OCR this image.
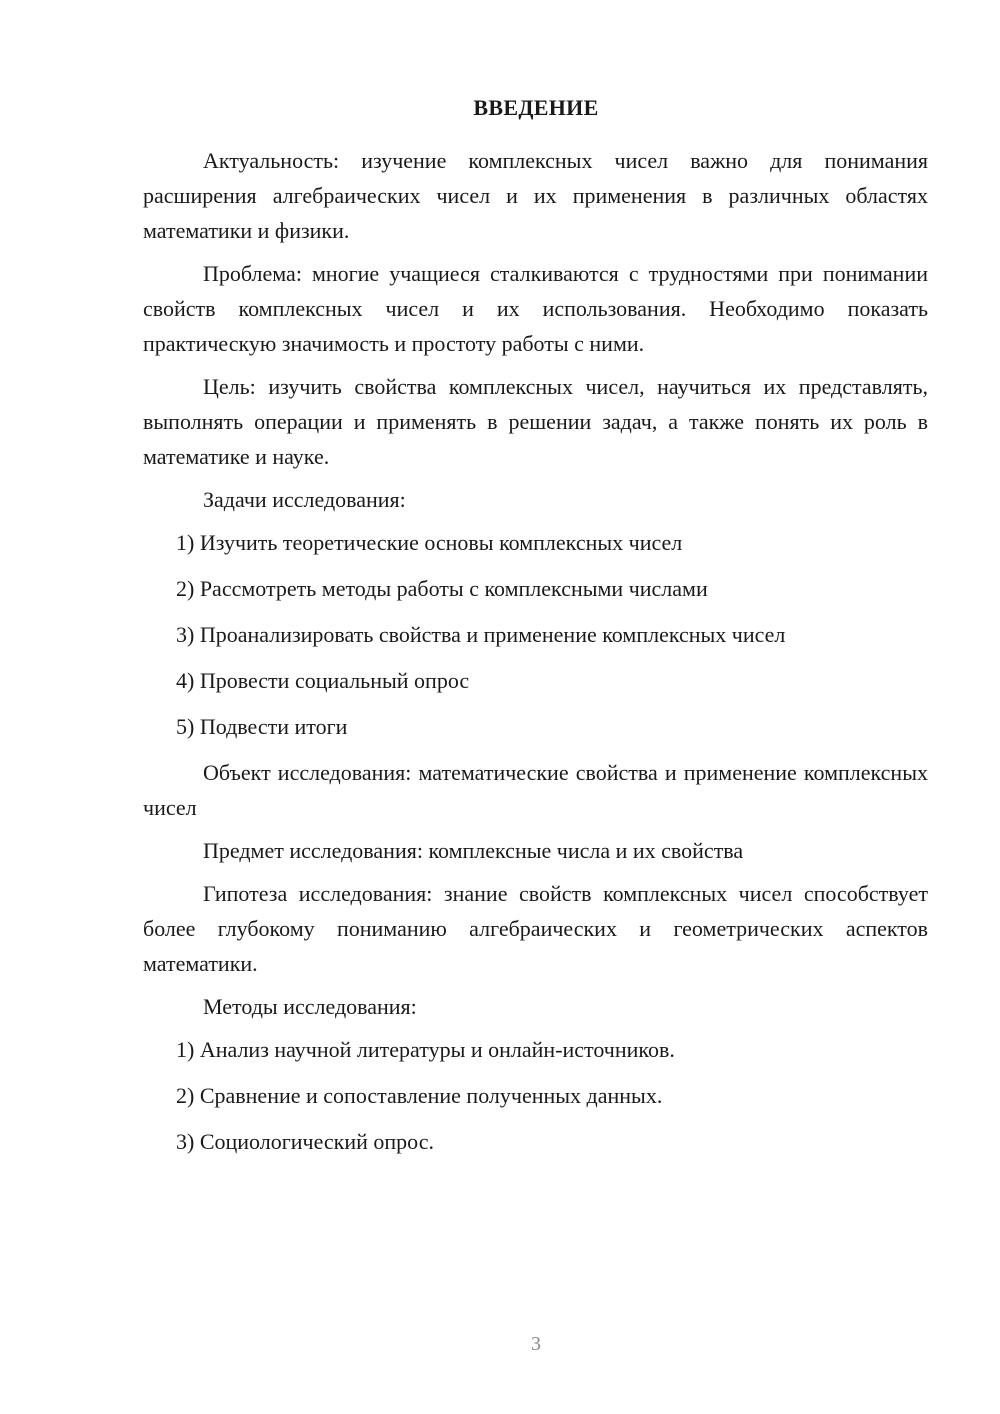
ВВЕДЕНИЕ

Актуальность: изучение комплексных чисел важно для понимания расширения алгебраических чисел и их применения в различных областях математики и физики.

Проблема: многие учащиеся сталкиваются с трудностями при понимании свойств комплексных чисел и их использования. Необходимо показать практическую значимость и простоту работы с ними.

Цель: изучить свойства комплексных чисел, научиться их представлять, выполнять операции и применять в решении задач, а также понять их роль в математике и науке.

Задачи исследования:

1) Изучить теоретические основы комплексных чисел
2) Рассмотреть методы работы с комплексными числами
3) Проанализировать свойства и применение комплексных чисел
4) Провести социальный опрос
5) Подвести итоги

Объект исследования: математические свойства и применение комплексных чисел

Предмет исследования: комплексные числа и их свойства

Гипотеза исследования: знание свойств комплексных чисел способствует более глубокому пониманию алгебраических и геометрических аспектов математики.

Методы исследования:

1) Анализ научной литературы и онлайн-источников.
2) Сравнение и сопоставление полученных данных.
3) Социологический опрос.
3
